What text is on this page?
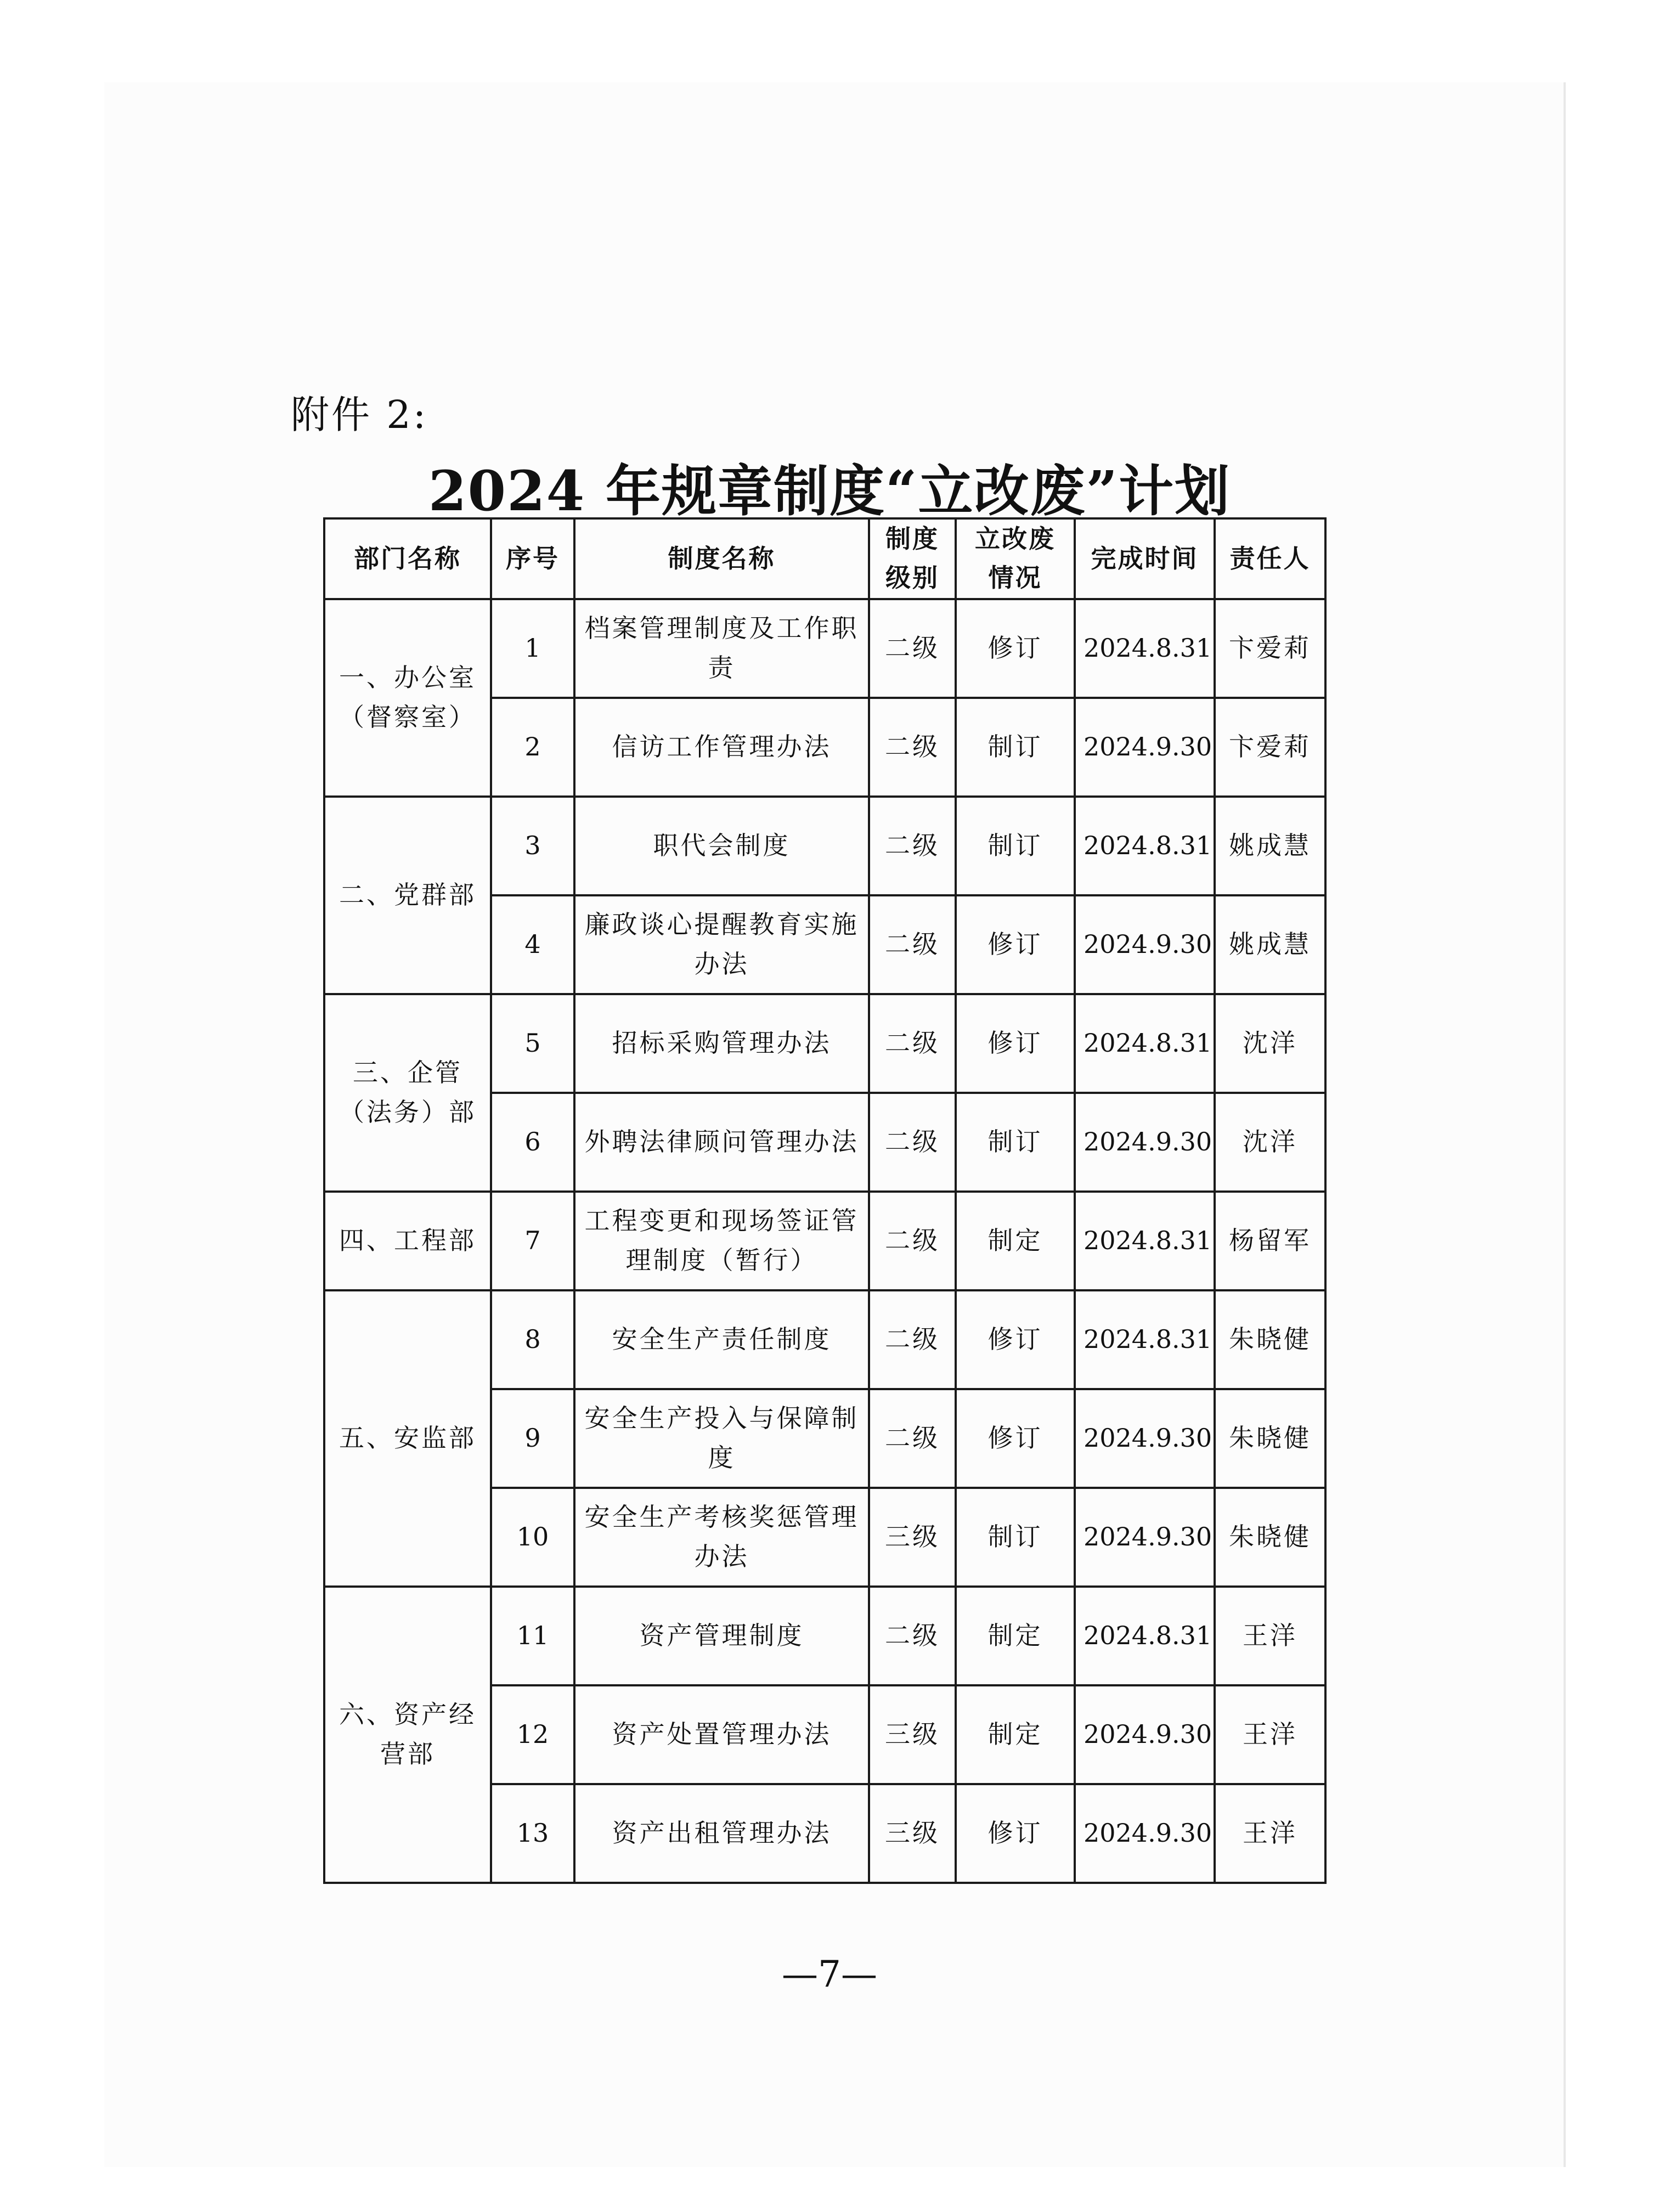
附件 2:
2024 年规章制度“立改废”计划
部门名称	序号	制度名称	制度级别	立改废情况	完成时间	责任人
一、办公室（督察室）	1	档案管理制度及工作职责	二级	修订	2024.8.31	卞爱莉
	2	信访工作管理办法	二级	制订	2024.9.30	卞爱莉
二、党群部	3	职代会制度	二级	制订	2024.8.31	姚成慧
	4	廉政谈心提醒教育实施办法	二级	修订	2024.9.30	姚成慧
三、企管（法务）部	5	招标采购管理办法	二级	修订	2024.8.31	沈洋
	6	外聘法律顾问管理办法	二级	制订	2024.9.30	沈洋
四、工程部	7	工程变更和现场签证管理制度（暂行）	二级	制定	2024.8.31	杨留军
五、安监部	8	安全生产责任制度	二级	修订	2024.8.31	朱晓健
	9	安全生产投入与保障制度	二级	修订	2024.9.30	朱晓健
	10	安全生产考核奖惩管理办法	三级	制订	2024.9.30	朱晓健
六、资产经营部	11	资产管理制度	二级	制定	2024.8.31	王洋
	12	资产处置管理办法	三级	制定	2024.9.30	王洋
	13	资产出租管理办法	三级	修订	2024.9.30	王洋
—7—
